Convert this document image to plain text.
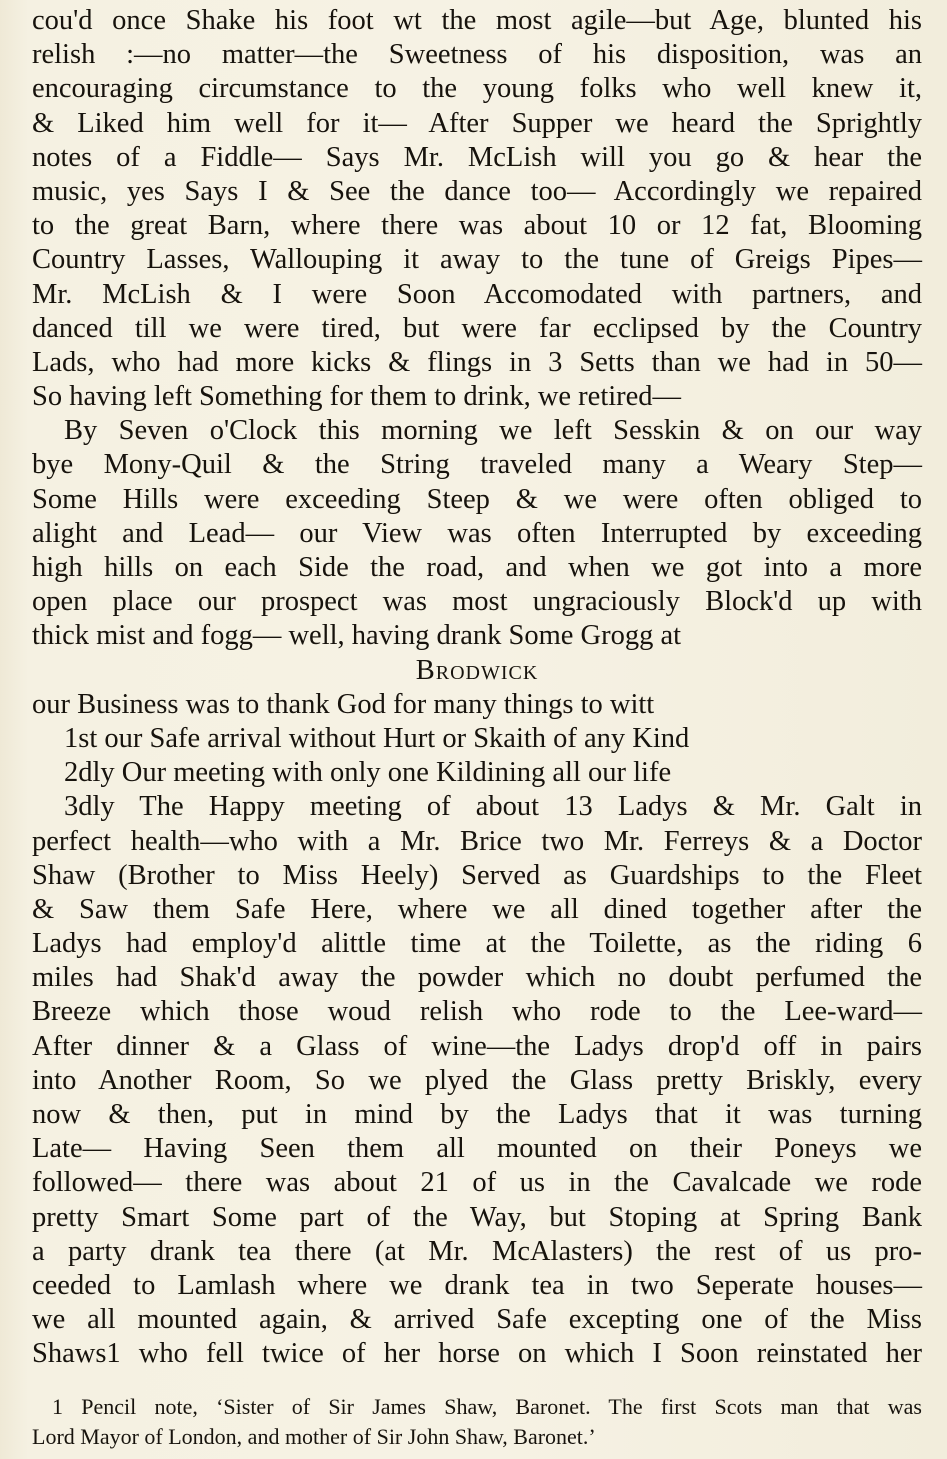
cou'd once Shake his foot wt the most agile—but Age, blunted his
relish :—no matter—the Sweetness of his disposition, was an
encouraging circumstance to the young folks who well knew it,
& Liked him well for it— After Supper we heard the Sprightly
notes of a Fiddle— Says Mr. McLish will you go & hear the
music, yes Says I & See the dance too— Accordingly we repaired
to the great Barn, where there was about 10 or 12 fat, Blooming
Country Lasses, Wallouping it away to the tune of Greigs Pipes—
Mr. McLish & I were Soon Accomodated with partners, and
danced till we were tired, but were far ecclipsed by the Country
Lads, who had more kicks & flings in 3 Setts than we had in 50—
So having left Something for them to drink, we retired—
By Seven o'Clock this morning we left Sesskin & on our way
bye Mony-Quil & the String traveled many a Weary Step—
Some Hills were exceeding Steep & we were often obliged to
alight and Lead— our View was often Interrupted by exceeding
high hills on each Side the road, and when we got into a more
open place our prospect was most ungraciously Block'd up with
thick mist and fogg— well, having drank Some Grogg at
Brodwick
our Business was to thank God for many things to witt
1st our Safe arrival without Hurt or Skaith of any Kind
2dly Our meeting with only one Kildining all our life
3dly The Happy meeting of about 13 Ladys & Mr. Galt in
perfect health—who with a Mr. Brice two Mr. Ferreys & a Doctor
Shaw (Brother to Miss Heely) Served as Guardships to the Fleet
& Saw them Safe Here, where we all dined together after the
Ladys had employ'd alittle time at the Toilette, as the riding 6
miles had Shak'd away the powder which no doubt perfumed the
Breeze which those woud relish who rode to the Lee-ward—
After dinner & a Glass of wine—the Ladys drop'd off in pairs
into Another Room, So we plyed the Glass pretty Briskly, every
now & then, put in mind by the Ladys that it was turning
Late— Having Seen them all mounted on their Poneys we
followed— there was about 21 of us in the Cavalcade we rode
pretty Smart Some part of the Way, but Stoping at Spring Bank
a party drank tea there (at Mr. McAlasters) the rest of us pro-
ceeded to Lamlash where we drank tea in two Seperate houses—
we all mounted again, & arrived Safe excepting one of the Miss
Shaws1 who fell twice of her horse on which I Soon reinstated her
1 Pencil note, ‘Sister of Sir James Shaw, Baronet. The first Scots man that was
Lord Mayor of London, and mother of Sir John Shaw, Baronet.’
